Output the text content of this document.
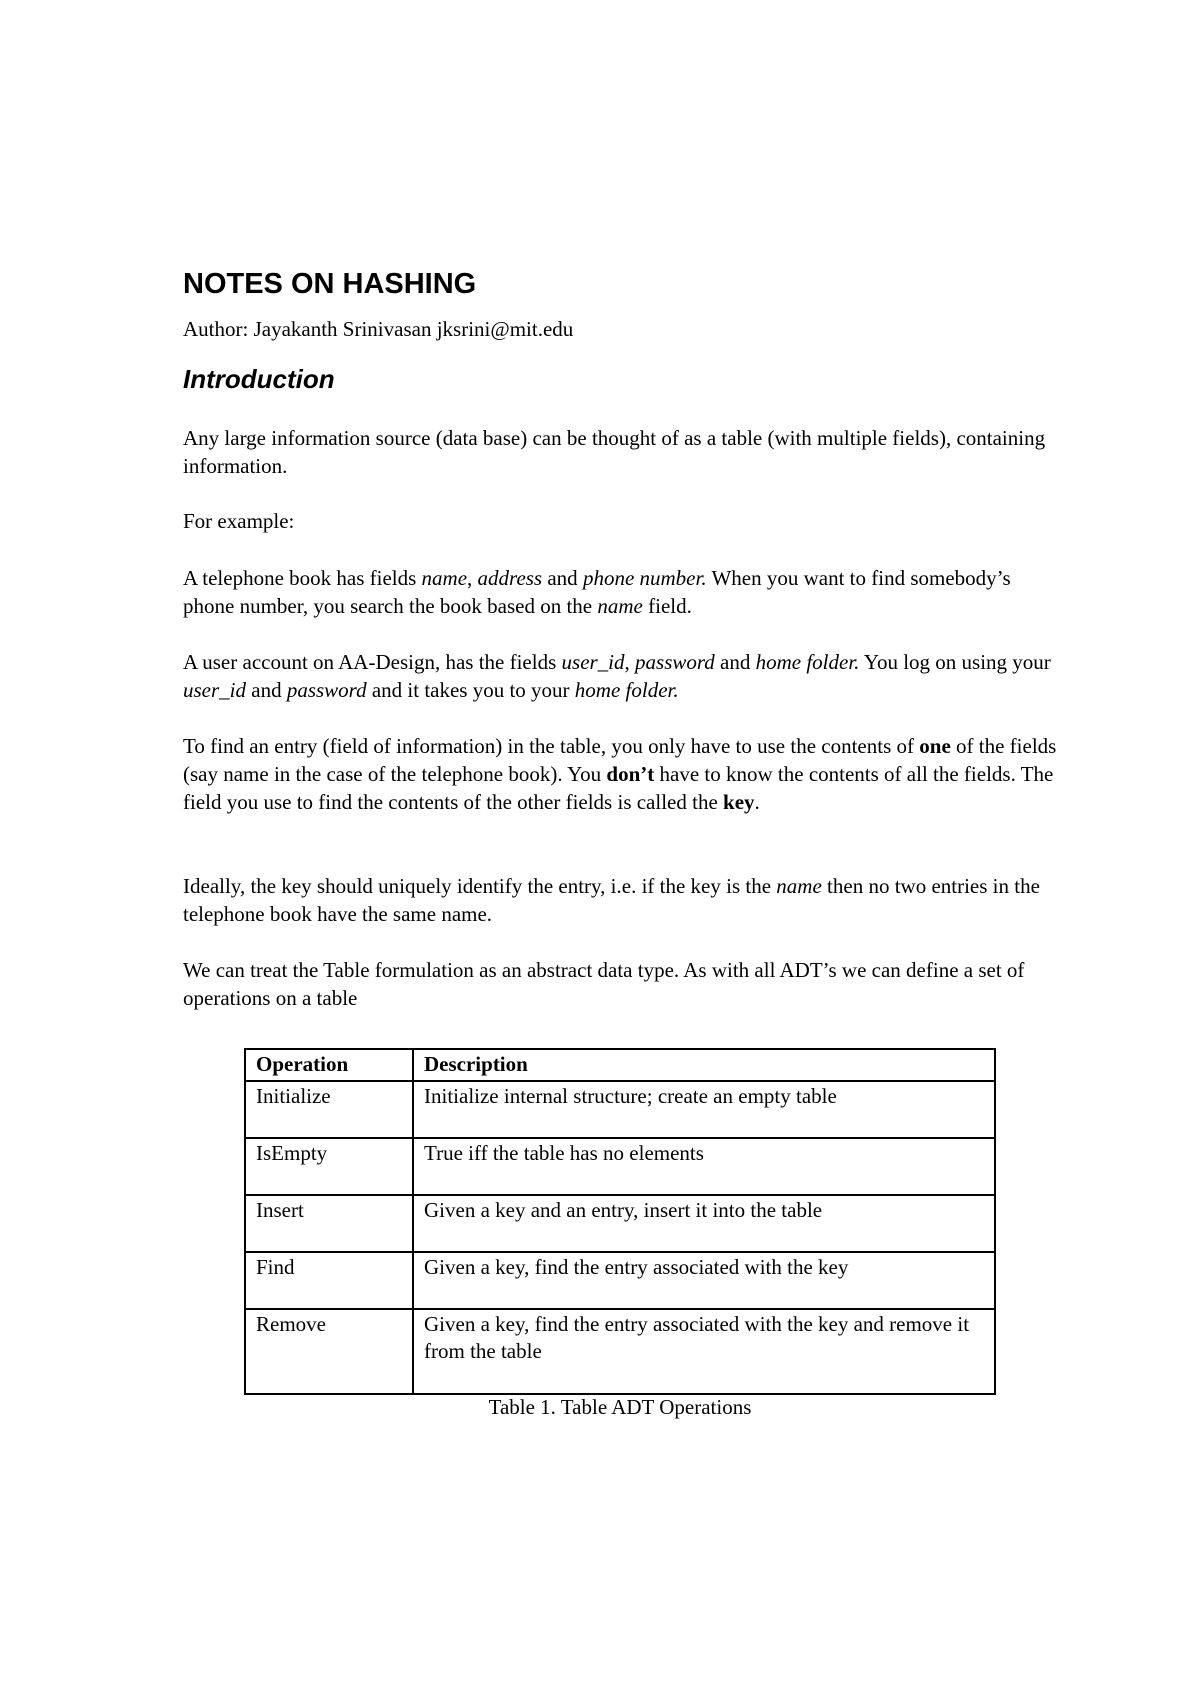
NOTES ON HASHING

Author: Jayakanth Srinivasan jksrini@mit.edu

Introduction

Any large information source (data base) can be thought of as a table (with multiple fields), containing information.

For example:

A telephone book has fields name, address and phone number. When you want to find somebody’s phone number, you search the book based on the name field.

A user account on AA-Design, has the fields user_id, password and home folder. You log on using your user_id and password and it takes you to your home folder.

To find an entry (field of information) in the table, you only have to use the contents of one of the fields (say name in the case of the telephone book). You don’t have to know the contents of all the fields. The field you use to find the contents of the other fields is called the key.

Ideally, the key should uniquely identify the entry, i.e. if the key is the name then no two entries in the telephone book have the same name.

We can treat the Table formulation as an abstract data type. As with all ADT’s we can define a set of operations on a table

Operation	Description
Initialize	Initialize internal structure; create an empty table
IsEmpty	True iff the table has no elements
Insert	Given a key and an entry, insert it into the table
Find	Given a key, find the entry associated with the key
Remove	Given a key, find the entry associated with the key and remove it from the table

Table 1. Table ADT Operations
